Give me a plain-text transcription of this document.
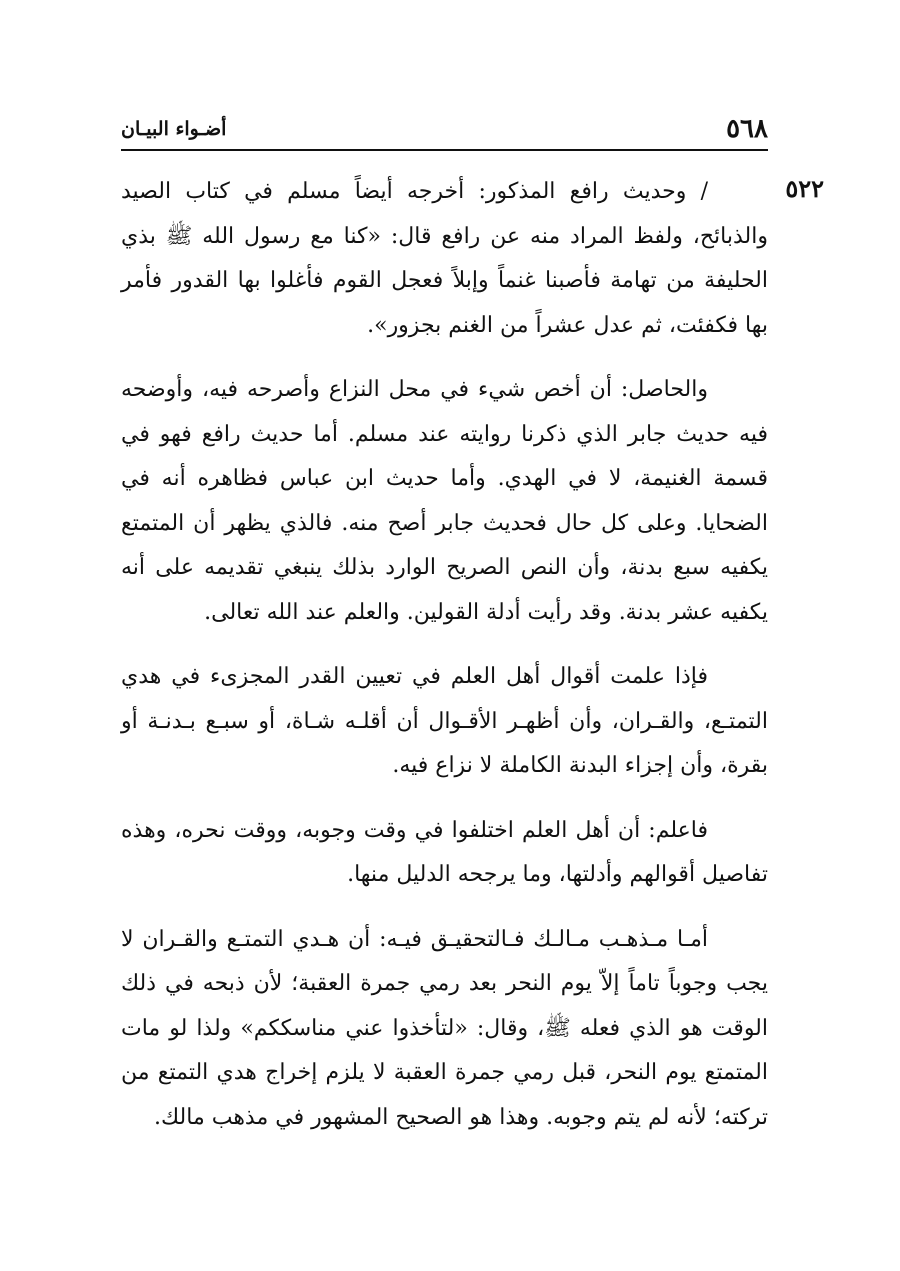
٥٦٨
أضـواء البيـان
٥٢٢

/ وحديث رافع المذكور: أخرجه أيضاً مسلم في كتاب الصيد والذبائح، ولفظ المراد منه عن رافع قال: «كنا مع رسول الله ﷺ بذي الحليفة من تهامة فأصبنا غنماً وإبلاً فعجل القوم فأغلوا بها القدور فأمر بها فكفئت، ثم عدل عشراً من الغنم بجزور».

والحاصل: أن أخص شيء في محل النزاع وأصرحه فيه، وأوضحه فيه حديث جابر الذي ذكرنا روايته عند مسلم. أما حديث رافع فهو في قسمة الغنيمة، لا في الهدي. وأما حديث ابن عباس فظاهره أنه في الضحايا. وعلى كل حال فحديث جابر أصح منه. فالذي يظهر أن المتمتع يكفيه سبع بدنة، وأن النص الصريح الوارد بذلك ينبغي تقديمه على أنه يكفيه عشر بدنة. وقد رأيت أدلة القولين. والعلم عند الله تعالى.

فإذا علمت أقوال أهل العلم في تعيين القدر المجزىء في هدي التمتـع، والقـران، وأن أظهـر الأقـوال أن أقلـه شـاة، أو سبـع بـدنـة أو بقرة، وأن إجزاء البدنة الكاملة لا نزاع فيه.

فاعلم: أن أهل العلم اختلفوا في وقت وجوبه، ووقت نحره، وهذه تفاصيل أقوالهم وأدلتها، وما يرجحه الدليل منها.

أمـا مـذهـب مـالـك فـالتحقيـق فيـه: أن هـدي التمتـع والقـران لا يجب وجوباً تاماً إلاّ يوم النحر بعد رمي جمرة العقبة؛ لأن ذبحه في ذلك الوقت هو الذي فعله ﷺ، وقال: «لتأخذوا عني مناسككم» ولذا لو مات المتمتع يوم النحر، قبل رمي جمرة العقبة لا يلزم إخراج هدي التمتع من تركته؛ لأنه لم يتم وجوبه. وهذا هو الصحيح المشهور في مذهب مالك.
